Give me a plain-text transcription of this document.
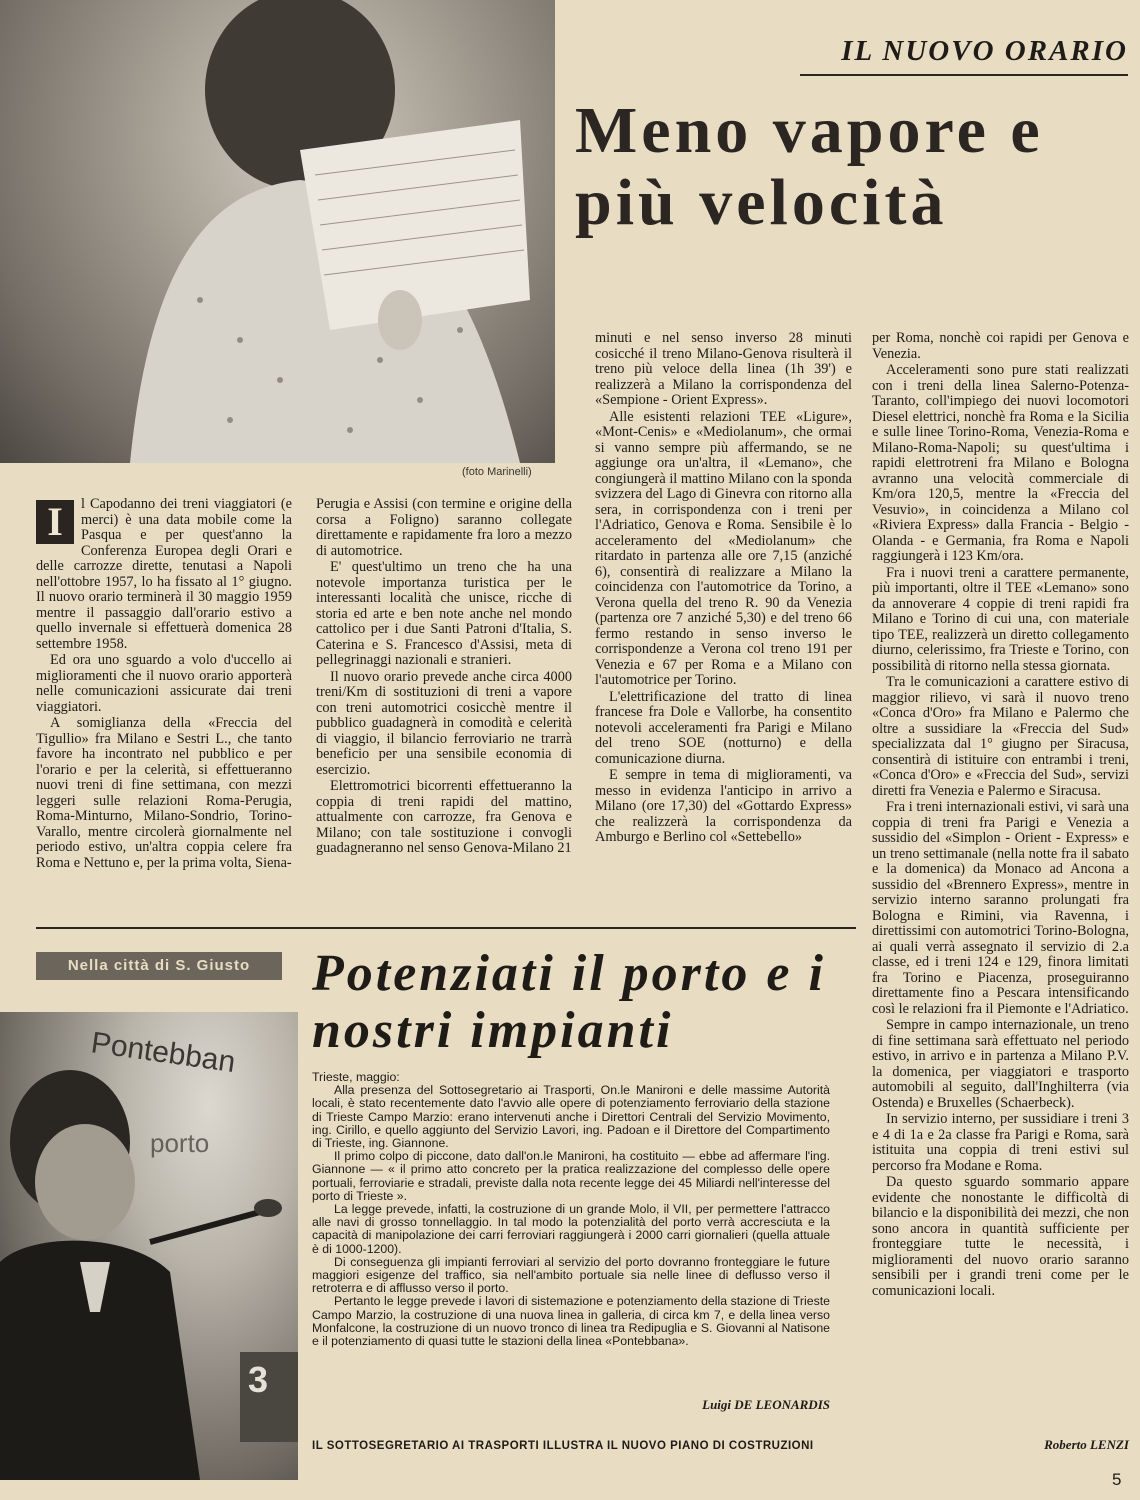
(foto Marinelli)
IL NUOVO ORARIO
Meno vapore e più velocità
I	l Capodanno dei treni viaggiatori (e merci) è una data mobile come la Pasqua e per quest'anno la Conferenza Europea degli Orari e delle carrozze dirette, tenutasi a Napoli nell'ottobre 1957, lo ha fissato al 1° giugno. Il nuovo orario terminerà il 30 maggio 1959 mentre il passaggio dall'orario estivo a quello invernale si effettuerà domenica 28 settembre 1958.

Ed ora uno sguardo a volo d'uccello ai miglioramenti che il nuovo orario apporterà nelle comunicazioni assicurate dai treni viaggiatori.

A somiglianza della «Freccia del Tigullio» fra Milano e Sestri L., che tanto favore ha incontrato nel pubblico e per l'orario e per la celerità, si effettueranno nuovi treni di fine settimana, con mezzi leggeri sulle relazioni Roma-Perugia, Roma-Minturno, Milano-Sondrio, Torino-Varallo, mentre circolerà giornalmente nel periodo estivo, un'altra coppia celere fra Roma e Nettuno e, per la prima volta, Siena-

Perugia e Assisi (con termine e origine della corsa a Foligno) saranno collegate direttamente e rapidamente fra loro a mezzo di automotrice.

E' quest'ultimo un treno che ha una notevole importanza turistica per le interessanti località che unisce, ricche di storia ed arte e ben note anche nel mondo cattolico per i due Santi Patroni d'Italia, S. Caterina e S. Francesco d'Assisi, meta di pellegrinaggi nazionali e stranieri.

Il nuovo orario prevede anche circa 4000 treni/Km di sostituzioni di treni a vapore con treni automotrici cosicchè mentre il pubblico guadagnerà in comodità e celerità di viaggio, il bilancio ferroviario ne trarrà beneficio per una sensibile economia di esercizio.

Elettromotrici bicorrenti effettueranno la coppia di treni rapidi del mattino, attualmente con carrozze, fra Genova e Milano; con tale sostituzione i convogli guadagneranno nel senso Genova-Milano 21

minuti e nel senso inverso 28 minuti cosicché il treno Milano-Genova risulterà il treno più veloce della linea (1h 39') e realizzerà a Milano la corrispondenza del «Sempione - Orient Express».

Alle esistenti relazioni TEE «Ligure», «Mont-Cenis» e «Mediolanum», che ormai si vanno sempre più affermando, se ne aggiunge ora un'altra, il «Lemano», che congiungerà il mattino Milano con la sponda svizzera del Lago di Ginevra con ritorno alla sera, in corrispondenza con i treni per l'Adriatico, Genova e Roma. Sensibile è lo acceleramento del «Mediolanum» che ritardato in partenza alle ore 7,15 (anziché 6), consentirà di realizzare a Milano la coincidenza con l'automotrice da Torino, a Verona quella del treno R. 90 da Venezia (partenza ore 7 anziché 5,30) e del treno 66 fermo restando in senso inverso le corrispondenze a Verona col treno 191 per Venezia e 67 per Roma e a Milano con l'automotrice per Torino.

L'elettrificazione del tratto di linea francese fra Dole e Vallorbe, ha consentito notevoli acceleramenti fra Parigi e Milano del treno SOE (notturno) e della comunicazione diurna.

E sempre in tema di miglioramenti, va messo in evidenza l'anticipo in arrivo a Milano (ore 17,30) del «Gottardo Express» che realizzerà la corrispondenza da Amburgo e Berlino col «Settebello»

per Roma, nonchè coi rapidi per Genova e Venezia.

Acceleramenti sono pure stati realizzati con i treni della linea Salerno-Potenza-Taranto, coll'impiego dei nuovi locomotori Diesel elettrici, nonchè fra Roma e la Sicilia e sulle linee Torino-Roma, Venezia-Roma e Milano-Roma-Napoli; su quest'ultima i rapidi elettrotreni fra Milano e Bologna avranno una velocità commerciale di Km/ora 120,5, mentre la «Freccia del Vesuvio», in coincidenza a Milano col «Riviera Express» dalla Francia - Belgio - Olanda - e Germania, fra Roma e Napoli raggiungerà i 123 Km/ora.

Fra i nuovi treni a carattere permanente, più importanti, oltre il TEE «Lemano» sono da annoverare 4 coppie di treni rapidi fra Milano e Torino di cui una, con materiale tipo TEE, realizzerà un diretto collegamento diurno, celerissimo, fra Trieste e Torino, con possibilità di ritorno nella stessa giornata.

Tra le comunicazioni a carattere estivo di maggior rilievo, vi sarà il nuovo treno «Conca d'Oro» fra Milano e Palermo che oltre a sussidiare la «Freccia del Sud» specializzata dal 1° giugno per Siracusa, consentirà di istituire con entrambi i treni, «Conca d'Oro» e «Freccia del Sud», servizi diretti fra Venezia e Palermo e Siracusa.

Fra i treni internazionali estivi, vi sarà una coppia di treni fra Parigi e Venezia a sussidio del «Simplon - Orient - Express» e un treno settimanale (nella notte fra il sabato e la domenica) da Monaco ad Ancona a sussidio del «Brennero Express», mentre in servizio interno saranno prolungati fra Bologna e Rimini, via Ravenna, i direttissimi con automotrici Torino-Bologna, ai quali verrà assegnato il servizio di 2.a classe, ed i treni 124 e 129, finora limitati fra Torino e Piacenza, proseguiranno direttamente fino a Pescara intensificando così le relazioni fra il Piemonte e l'Adriatico.

Sempre in campo internazionale, un treno di fine settimana sarà effettuato nel periodo estivo, in arrivo e in partenza a Milano P.V. la domenica, per viaggiatori e trasporto automobili al seguito, dall'Inghilterra (via Ostenda) e Bruxelles (Schaerbeck).

In servizio interno, per sussidiare i treni 3 e 4 di 1a e 2a classe fra Parigi e Roma, sarà istituita una coppia di treni estivi sul percorso fra Modane e Roma.

Da questo sguardo sommario appare evidente che nonostante le difficoltà di bilancio e la disponibilità dei mezzi, che non sono ancora in quantità sufficiente per fronteggiare tutte le necessità, i miglioramenti del nuovo orario saranno sensibili per i grandi treni come per le comunicazioni locali.

Nella città di S. Giusto
Pontebban
porto
3
Potenziati il porto e i nostri impianti

Trieste, maggio:

Alla presenza del Sottosegretario ai Trasporti, On.le Manironi e delle massime Autorità locali, è stato recentemente dato l'avvio alle opere di potenziamento ferroviario della stazione di Trieste Campo Marzio: erano intervenuti anche i Direttori Centrali del Servizio Movimento, ing. Cirillo, e quello aggiunto del Servizio Lavori, ing. Padoan e il Direttore del Compartimento di Trieste, ing. Giannone.

Il primo colpo di piccone, dato dall'on.le Manironi, ha costituito — ebbe ad affermare l'ing. Giannone — « il primo atto concreto per la pratica realizzazione del complesso delle opere portuali, ferroviarie e stradali, previste dalla nota recente legge dei 45 Miliardi nell'interesse del porto di Trieste ».

La legge prevede, infatti, la costruzione di un grande Molo, il VII, per permettere l'attracco alle navi di grosso tonnellaggio. In tal modo la potenzialità del porto verrà accresciuta e la capacità di manipolazione dei carri ferroviari raggiungerà i 2000 carri giornalieri (quella attuale è di 1000-1200).

Di conseguenza gli impianti ferroviari al servizio del porto dovranno fronteggiare le future maggiori esigenze del traffico, sia nell'ambito portuale sia nelle linee di deflusso verso il retroterra e di afflusso verso il porto.

Pertanto le legge prevede i lavori di sistemazione e potenziamento della stazione di Trieste Campo Marzio, la costruzione di una nuova linea in galleria, di circa km 7, e della linea verso Monfalcone, la costruzione di un nuovo tronco di linea tra Redipuglia e S. Giovanni al Natisone e il potenziamento di quasi tutte le stazioni della linea «Pontebbana».

Luigi DE LEONARDIS
IL SOTTOSEGRETARIO AI TRASPORTI ILLUSTRA IL NUOVO PIANO DI COSTRUZIONI	Roberto LENZI
5
